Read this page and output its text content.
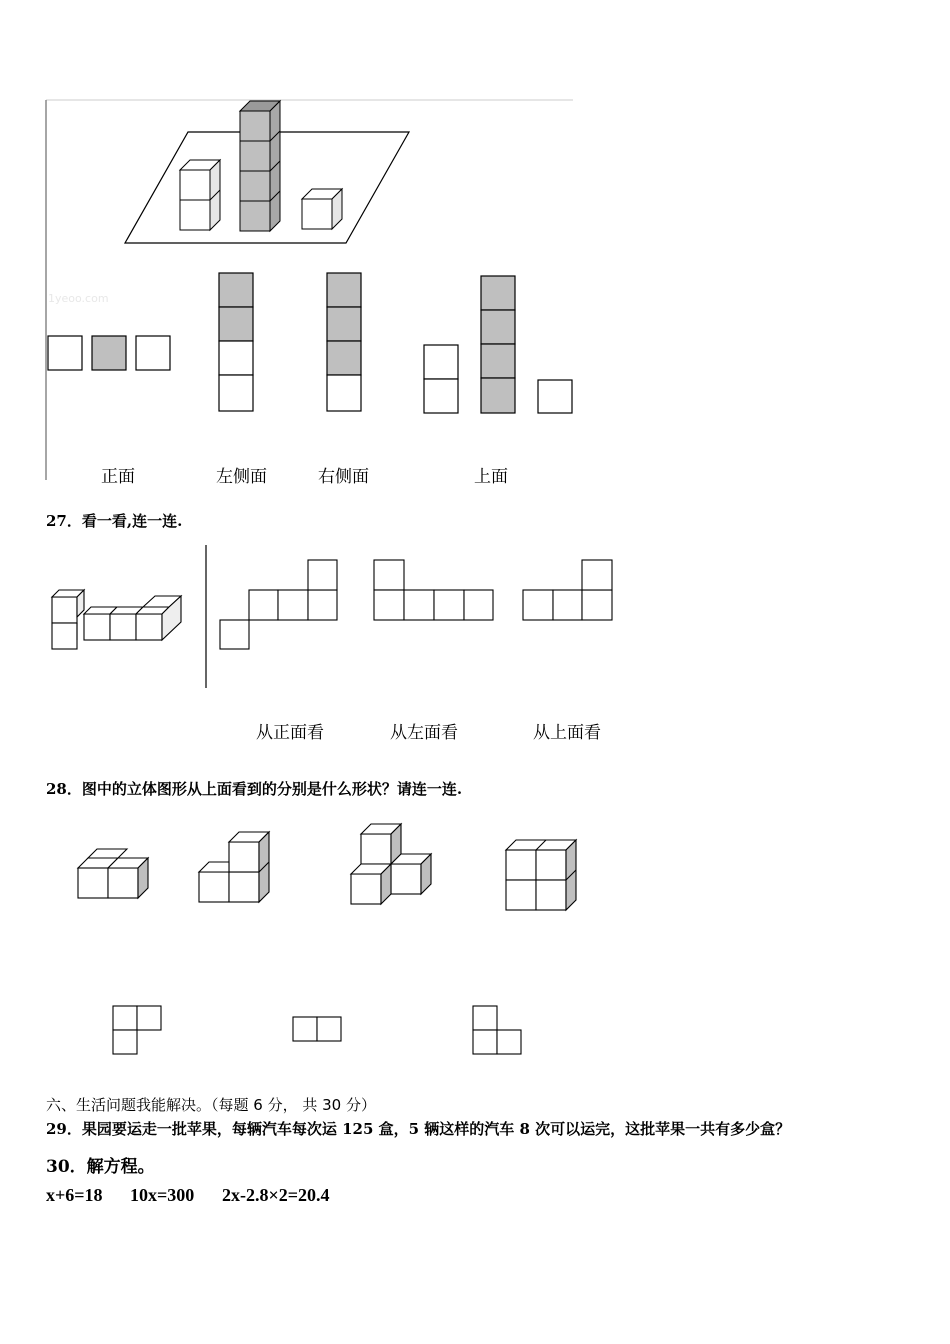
1yeoo.com
正面	左侧面	右侧面	上面
27．看一看,连一连.
从正面看	从左面看	从上面看
28．图中的立体图形从上面看到的分别是什么形状？请连一连.
六、生活问题我能解决。（每题 6 分， 共 30 分）
29．果园要运走一批苹果，每辆汽车每次运 125 盒，5 辆这样的汽车 8 次可以运完，这批苹果一共有多少盒？
30．解方程。
x+6=18 10x=300 2x-2.8×2=20.4
